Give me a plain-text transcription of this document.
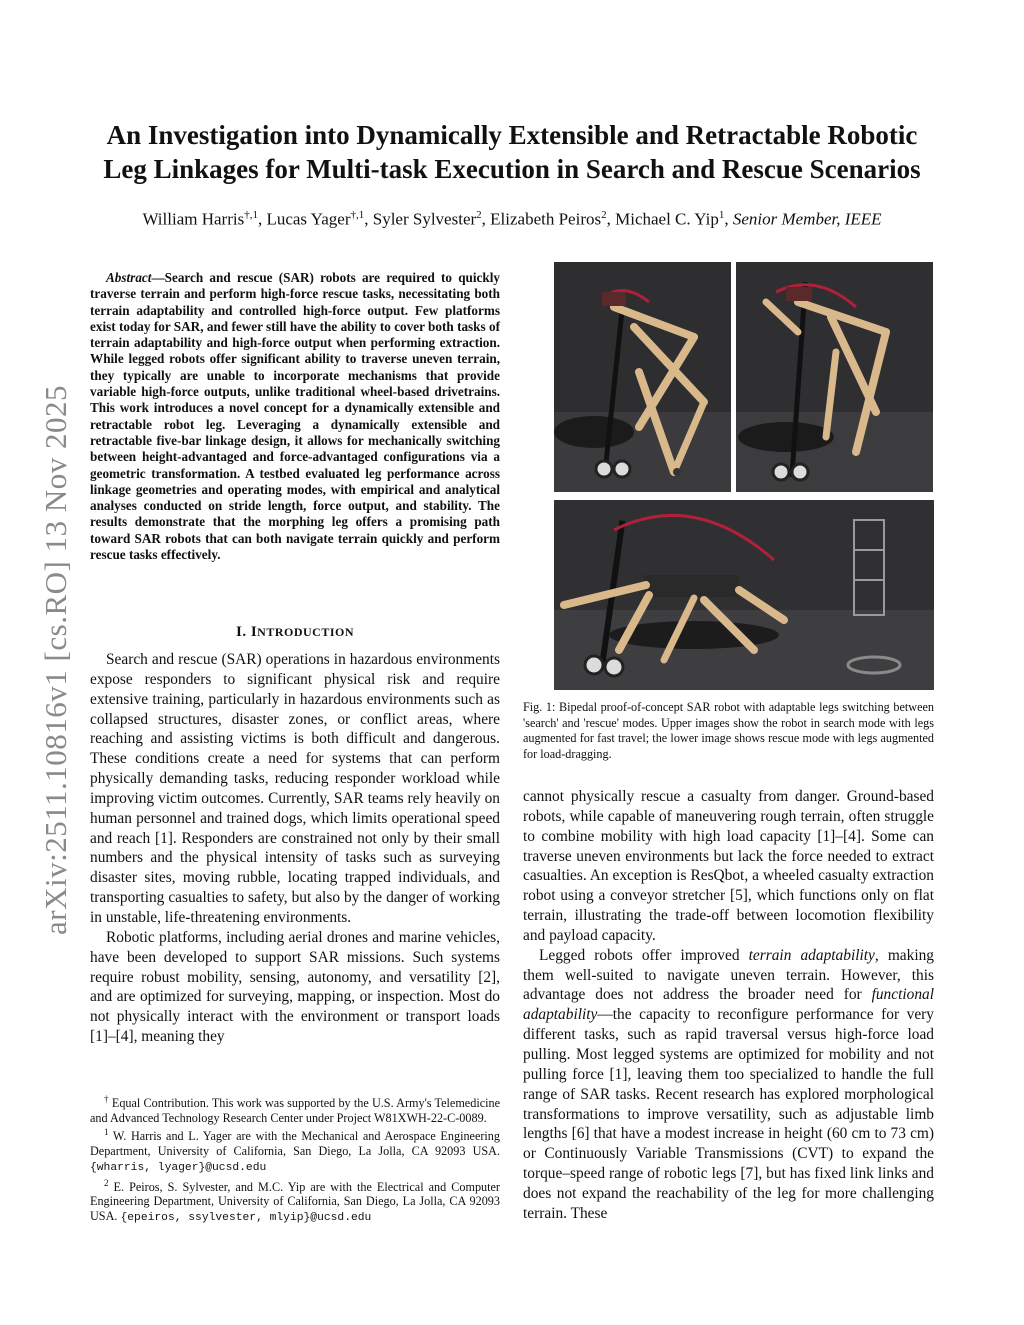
arXiv:2511.10816v1 [cs.RO] 13 Nov 2025
An Investigation into Dynamically Extensible and Retractable Robotic
Leg Linkages for Multi-task Execution in Search and Rescue Scenarios

William Harris$^{\dagger,1}$, Lucas Yager$^{\dagger,1}$, Syler Sylvester$^2$, Elizabeth Peiros$^2$, Michael C. Yip$^1$, Senior Member, IEEE

Abstract—Search and rescue (SAR) robots are required to quickly traverse terrain and perform high-force rescue tasks, necessitating both terrain adaptability and controlled high-force output. Few platforms exist today for SAR, and fewer still have the ability to cover both tasks of terrain adaptability and high-force output when performing extraction. While legged robots offer significant ability to traverse uneven terrain, they typically are unable to incorporate mechanisms that provide variable high-force outputs, unlike traditional wheel-based drivetrains. This work introduces a novel concept for a dynamically extensible and retractable robot leg. Leveraging a dynamically extensible and retractable five-bar linkage design, it allows for mechanically switching between height-advantaged and force-advantaged configurations via a geometric transformation. A testbed evaluated leg performance across linkage geometries and operating modes, with empirical and analytical analyses conducted on stride length, force output, and stability. The results demonstrate that the morphing leg offers a promising path toward SAR robots that can both navigate terrain quickly and perform rescue tasks effectively.

I. INTRODUCTION

Search and rescue (SAR) operations in hazardous environments expose responders to significant physical risk and require extensive training, particularly in hazardous environments such as collapsed structures, disaster zones, or conflict areas, where reaching and assisting victims is both difficult and dangerous. These conditions create a need for systems that can perform physically demanding tasks, reducing responder workload while improving victim outcomes. Currently, SAR teams rely heavily on human personnel and trained dogs, which limits operational speed and reach [1]. Responders are constrained not only by their small numbers and the physical intensity of tasks such as surveying disaster sites, moving rubble, locating trapped individuals, and transporting casualties to safety, but also by the danger of working in unstable, life-threatening environments.

Robotic platforms, including aerial drones and marine vehicles, have been developed to support SAR missions. Such systems require robust mobility, sensing, autonomy, and versatility [2], and are optimized for surveying, mapping, or inspection. Most do not physically interact with the environment or transport loads [1]–[4], meaning they

† Equal Contribution. This work was supported by the U.S. Army's Telemedicine and Advanced Technology Research Center under Project W81XWH-22-C-0089.

$^1$ W. Harris and L. Yager are with the Mechanical and Aerospace Engineering Department, University of California, San Diego, La Jolla, CA 92093 USA. {wharris, lyager}@ucsd.edu

$^2$ E. Peiros, S. Sylvester, and M.C. Yip are with the Electrical and Computer Engineering Department, University of California, San Diego, La Jolla, CA 92093 USA. {epeiros, ssylvester, mlyip}@ucsd.edu

Fig. 1: Bipedal proof-of-concept SAR robot with adaptable legs switching between 'search' and 'rescue' modes. Upper images show the robot in search mode with legs augmented for fast travel; the lower image shows rescue mode with legs augmented for load-dragging.

cannot physically rescue a casualty from danger. Ground-based robots, while capable of maneuvering rough terrain, often struggle to combine mobility with high load capacity [1]–[4]. Some can traverse uneven environments but lack the force needed to extract casualties. An exception is ResQbot, a wheeled casualty extraction robot using a conveyor stretcher [5], which functions only on flat terrain, illustrating the trade-off between locomotion flexibility and payload capacity.

Legged robots offer improved terrain adaptability, making them well-suited to navigate uneven terrain. However, this advantage does not address the broader need for functional adaptability—the capacity to reconfigure performance for very different tasks, such as rapid traversal versus high-force load pulling. Most legged systems are optimized for mobility and not pulling force [1], leaving them too specialized to handle the full range of SAR tasks. Recent research has explored morphological transformations to improve versatility, such as adjustable limb lengths [6] that have a modest increase in height (60 cm to 73 cm) or Continuously Variable Transmissions (CVT) to expand the torque–speed range of robotic legs [7], but has fixed link links and does not expand the reachability of the leg for more challenging terrain. These
